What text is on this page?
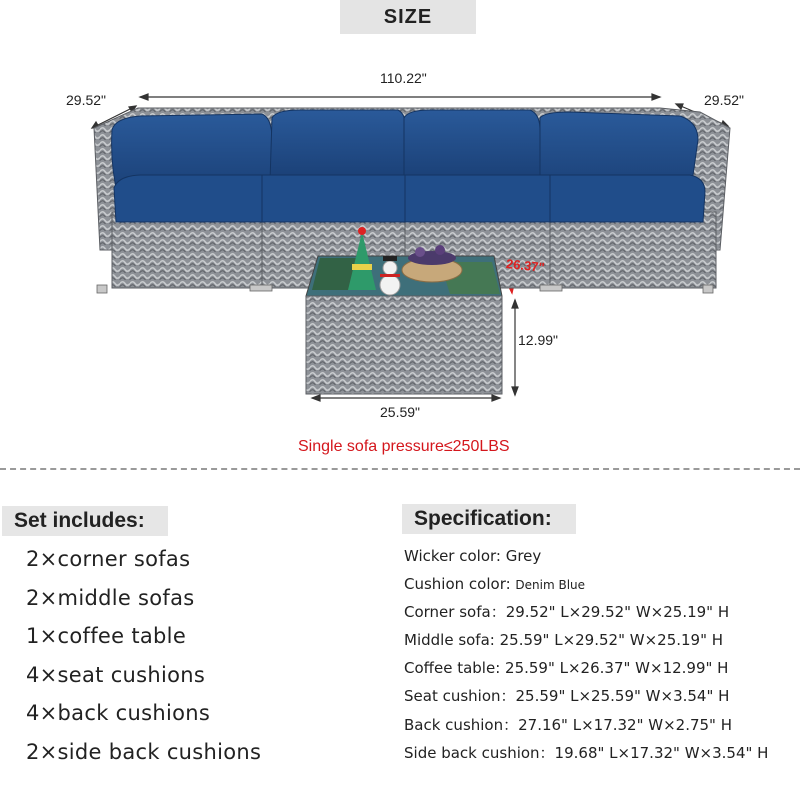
SIZE
110.22"
29.52"	29.52"
26.37"
12.99"
25.59"
Single sofa pressure≤250LBS
Set includes:
2×corner sofas
2×middle sofas
1×coffee table
4×seat cushions
4×back cushions
2×side back cushions
Specification:
Wicker color: Grey
Cushion color: Denim Blue
Corner sofa：29.52" L×29.52" W×25.19" H
Middle sofa: 25.59" L×29.52" W×25.19" H
Coffee table: 25.59" L×26.37" W×12.99" H
Seat cushion：25.59" L×25.59" W×3.54" H
Back cushion：27.16" L×17.32" W×2.75" H
Side back cushion：19.68" L×17.32" W×3.54" H
